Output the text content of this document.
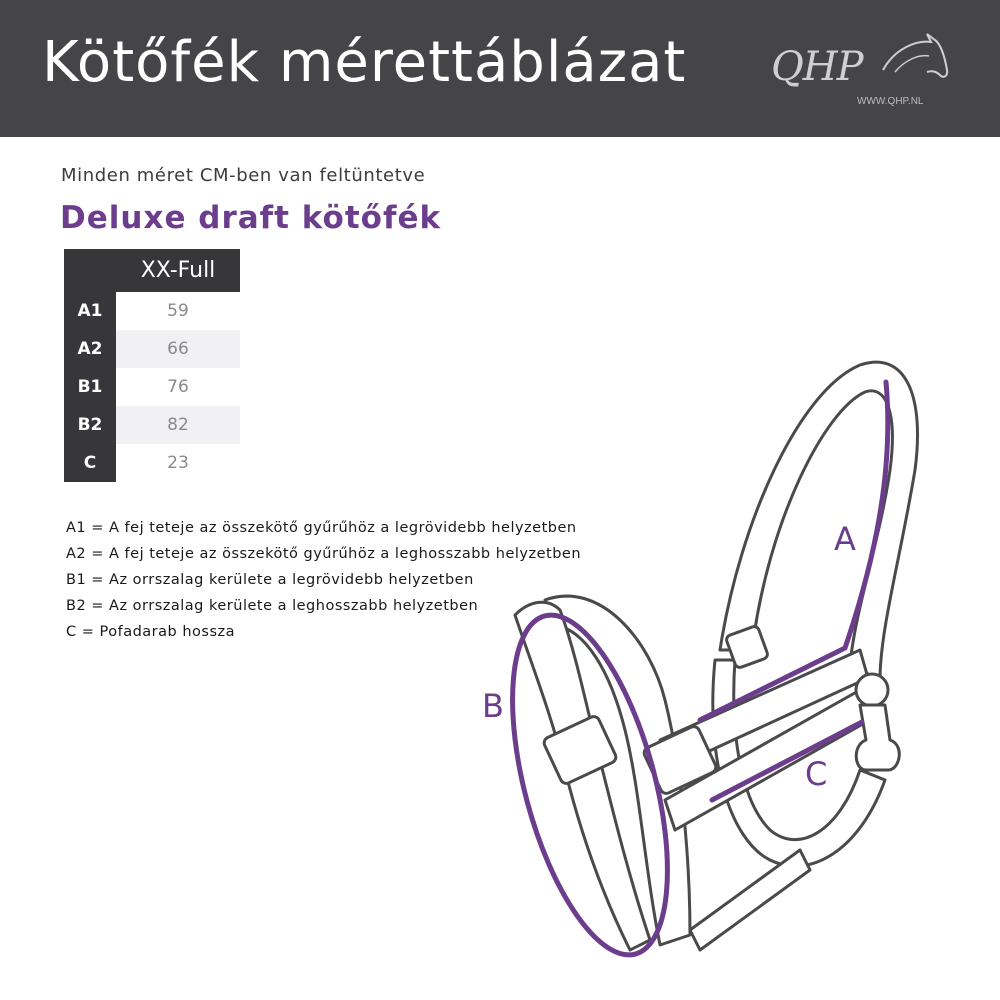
Kötőfék mérettáblázat QHP
WWW.QHP.NL
Minden méret CM-ben van feltüntetve
Deluxe draft kötőfék
	XX-Full
A1	59
A2	66
B1	76
B2	82
C	23
A1 = A fej teteje az összekötő gyűrűhöz a legrövidebb helyzetben
A2 = A fej teteje az összekötő gyűrűhöz a leghosszabb helyzetben
B1 = Az orrszalag kerülete a legrövidebb helyzetben
B2 = Az orrszalag kerülete a leghosszabb helyzetben
C = Pofadarab hossza
A
B
C
